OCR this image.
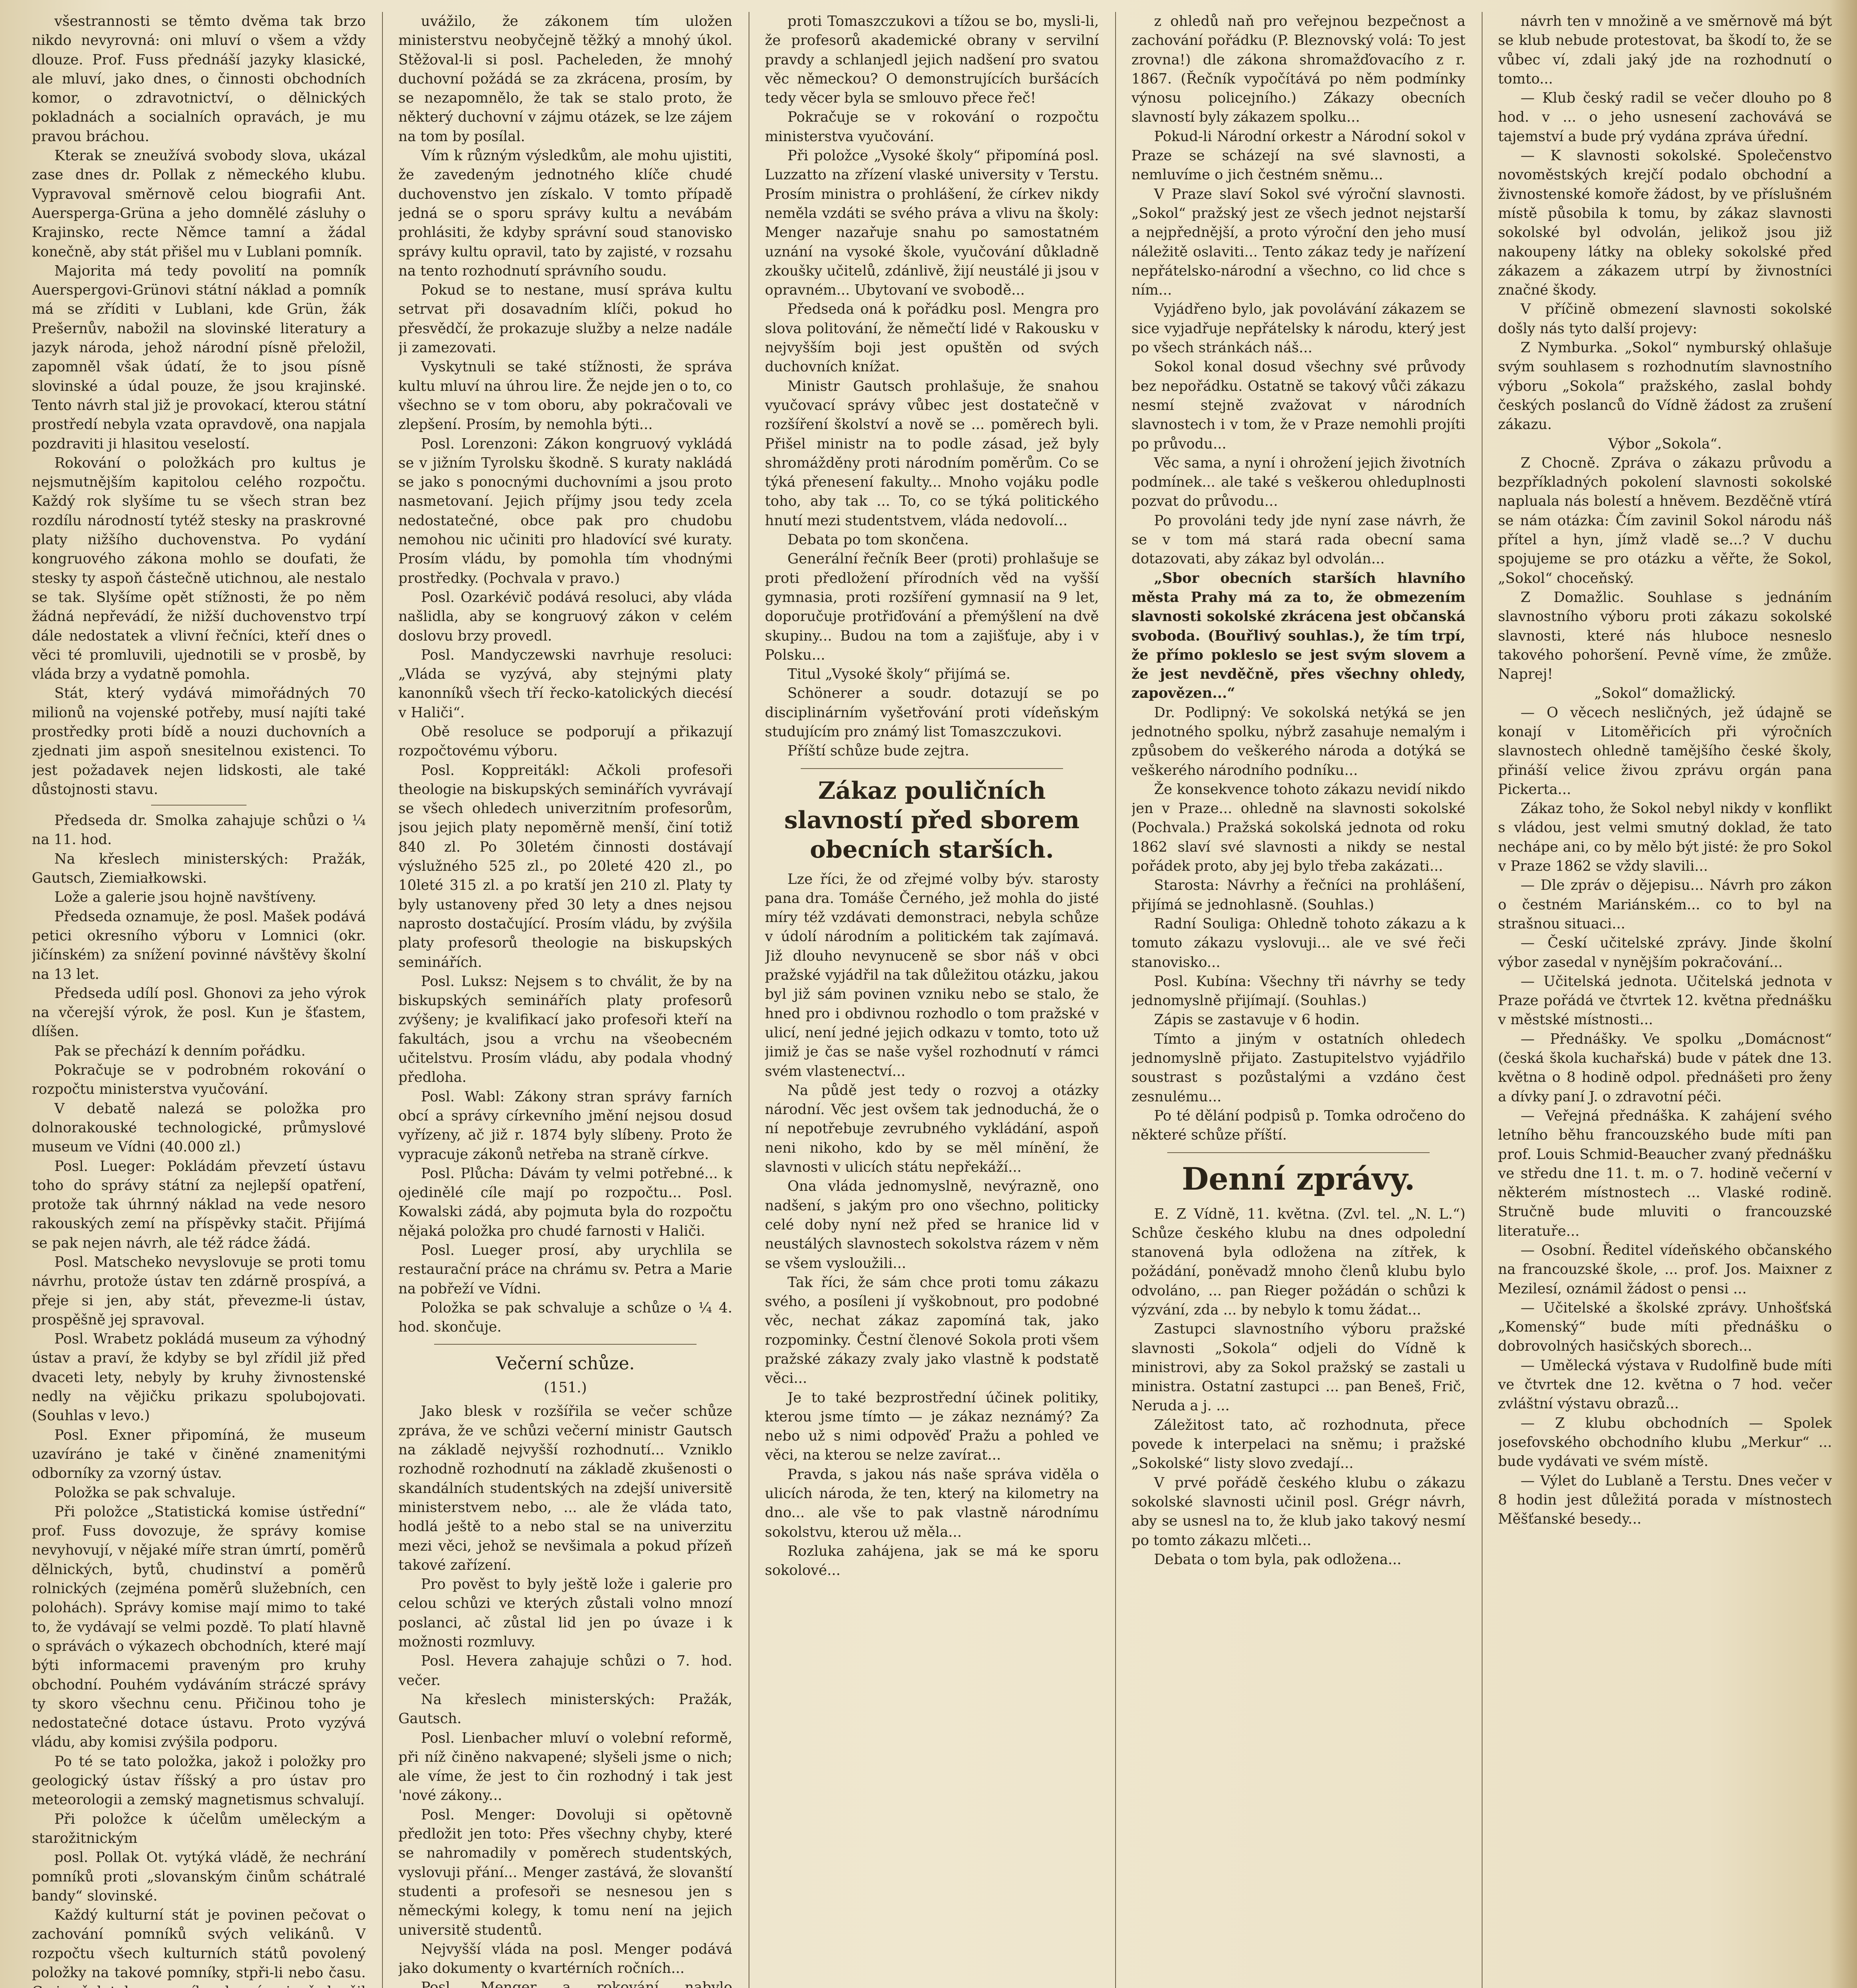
všestrannosti se těmto dvěma tak brzo nikdo nevyrovná: oni mluví o všem a vždy dlouze. Prof. Fuss přednáší jazyky klasické, ale mluví, jako dnes, o činnosti obchodních komor, o zdravotnictví, o dělnických pokladnách a socialních opravách, je mu pravou bráchou.

Kterak se zneužívá svobody slova, ukázal zase dnes dr. Pollak z německého klubu. Vypravoval směrnově celou biografii Ant. Auersperga-Grüna a jeho domnělé zásluhy o Krajinsko, recte Němce tamní a žádal konečně, aby stát přišel mu v Lublani pomník.

Majorita má tedy povolití na pomník Auerspergovi-Grünovi státní náklad a pomník má se zříditi v Lublani, kde Grün, žák Prešernův, nabožil na slovinské literatury a jazyk národa, jehož národní písně přeložil, zapomněl však údatí, že to jsou písně slovinské a údal pouze, že jsou krajinské. Tento návrh stal již je provokací, kterou státní prostředí nebyla vzata opravdově, ona napjala pozdraviti ji hlasitou veselostí.

Rokování o položkách pro kultus je nejsmutnějším kapitolou celého rozpočtu. Každý rok slyšíme tu se všech stran bez rozdílu národností tytéž stesky na praskrovné platy nižšího duchovenstva. Po vydání kongruového zákona mohlo se doufati, že stesky ty aspoň částečně utichnou, ale nestalo se tak. Slyšíme opět stížnosti, že po něm žádná nepřevádí, že nižší duchovenstvo trpí dále nedostatek a vlivní řečníci, kteří dnes o věci té promluvili, ujednotili se v prosbě, by vláda brzy a vydatně pomohla.

Stát, který vydává mimořádných 70 milionů na vojenské potřeby, musí najíti také prostředky proti bídě a nouzi duchovních a zjednati jim aspoň snesitelnou existenci. To jest požadavek nejen lidskosti, ale také důstojnosti stavu.

Předseda dr. Smolka zahajuje schůzi o ¼ na 11. hod.

Na křeslech ministerských: Pražák, Gautsch, Ziemiałkowski.

Lože a galerie jsou hojně navštíveny.

Předseda oznamuje, že posl. Mašek podává petici okresního výboru v Lomnici (okr. jičínském) za snížení povinné návštěvy školní na 13 let.

Předseda udílí posl. Ghonovi za jeho výrok na včerejší výrok, že posl. Kun je šťastem, dlíšen.

Pak se přechází k denním pořádku.

Pokračuje se v podrobném rokování o rozpočtu ministerstva vyučování.

V debatě nalezá se položka pro dolnorakouské technologické, průmyslové museum ve Vídni (40.000 zl.)

Posl. Lueger: Pokládám převzetí ústavu toho do správy státní za nejlepší opatření, protože tak úhrnný náklad na vede nesoro rakouských zemí na příspěvky stačit. Přijímá se pak nejen návrh, ale též rádce žádá.

Posl. Matscheko nevyslovuje se proti tomu návrhu, protože ústav ten zdárně prospívá, a přeje si jen, aby stát, převezme-li ústav, prospěšně jej spravoval.

Posl. Wrabetz pokládá museum za výhodný ústav a praví, že kdyby se byl zřídil již před dvaceti lety, nebyly by kruhy živnostenské nedly na vějičku prikazu spolubojovati. (Souhlas v levo.)

Posl. Exner připomíná, že museum uzavíráno je také v činěné znamenitými odborníky za vzorný ústav.

Položka se pak schvaluje.

Při položce „Statistická komise ústřední“ prof. Fuss dovozuje, že správy komise nevyhovují, v nějaké míře stran úmrtí, poměrů dělnických, bytů, chudinství a poměrů rolnických (zejména poměrů služebních, cen polohách). Správy komise mají mimo to také to, že vydávají se velmi pozdě. To platí hlavně o správách o výkazech obchodních, které mají býti informacemi praveným pro kruhy obchodní. Pouhém vydáváním stráczé správy ty skoro všechnu cenu. Přičinou toho je nedostatečné dotace ústavu. Proto vyzývá vládu, aby komisi zvýšila podporu.

Po té se tato položka, jakož i položky pro geologický ústav říšský a pro ústav pro meteorologii a zemský magnetismus schvalují.

Při položce k účelům uměleckým a starožitnickým

posl. Pollak Ot. vytýká vládě, že nechrání pomníků proti „slovanským činům schátralé bandy“ slovinské.

Každý kulturní stát je povinen pečovat o zachování pomníků svých velikánů. V rozpočtu všech kulturních států povolený položky na takové pomníky, stpři-li nebo času.

uvážilo, že zákonem tím uložen ministerstvu neobyčejně těžký a mnohý úkol. Stěžoval-li si posl. Pacheleden, že mnohý duchovní požádá se za zkrácena, prosím, by se nezapomnělo, že tak se stalo proto, že některý duchovní v zájmu otázek, se lze zájem na tom by posílal.

Vím k různým výsledkům, ale mohu ujistiti, že zavedeným jednotného klíče chudé duchovenstvo jen získalo. V tomto případě jedná se o sporu správy kultu a nevábám prohlásiti, že kdyby správní soud stanovisko správy kultu opravil, tato by zajisté, v rozsahu na tento rozhodnutí správního soudu.

Pokud se to nestane, musí správa kultu setrvat při dosavadním klíči, pokud ho přesvědčí, že prokazuje služby a nelze nadále ji zamezovati.

Vyskytnuli se také stížnosti, že správa kultu mluví na úhrou lire. Že nejde jen o to, co všechno se v tom oboru, aby pokračovali ve zlepšení. Prosím, by nemohla býti...

Posl. Lorenzoni: Zákon kongruový vykládá se v jižním Tyrolsku škodně. S kuraty nakládá se jako s ponocnými duchovními a jsou proto nasmetovaní. Jejich příjmy jsou tedy zcela nedostatečné, obce pak pro chudobu nemohou nic učiniti pro hladovící své kuraty. Prosím vládu, by pomohla tím vhodnými prostředky. (Pochvala v pravo.)

Posl. Ozarkévič podává resoluci, aby vláda našlidla, aby se kongruový zákon v celém doslovu brzy provedl.

Posl. Mandyczewski navrhuje resoluci: „Vláda se vyzývá, aby stejnými platy kanonníků všech tří řecko-katolických diecésí v Haliči“.

Obě resoluce se podporují a přikazují rozpočtovému výboru.

Posl. Koppreitákl: Ačkoli profesoři theologie na biskupských seminářích vyvrávají se všech ohledech univerzitním profesorům, jsou jejich platy nepoměrně menší, činí totiž 840 zl. Po 30letém činnosti dostávají výslužného 525 zl., po 20leté 420 zl., po 10leté 315 zl. a po kratší jen 210 zl. Platy ty byly ustanoveny před 30 lety a dnes nejsou naprosto dostačující. Prosím vládu, by zvýšila platy profesorů theologie na biskupských seminářích.

Posl. Luksz: Nejsem s to chválit, že by na biskupských seminářích platy profesorů zvýšeny; je kvalifikací jako profesoři kteří na fakultách, jsou a vrchu na všeobecném učitelstvu. Prosím vládu, aby podala vhodný předloha.

Posl. Wabl: Zákony stran správy farních obcí a správy církevního jmění nejsou dosud vyřízeny, ač již r. 1874 byly slíbeny. Proto že vypracuje zákonů netřeba na straně církve.

Posl. Plůcha: Dávám ty velmi potřebné... k ojedinělé cíle mají po rozpočtu... Posl. Kowalski zádá, aby pojmuta byla do rozpočtu nějaká položka pro chudé farnosti v Haliči.

Posl. Lueger prosí, aby urychlila se restaurační práce na chrámu sv. Petra a Marie na pobřeží ve Vídni.

Položka se pak schvaluje a schůze o ¼ 4. hod. skončuje.

Večerní schůze.
(151.)

Jako blesk v rozšířila se večer schůze zpráva, že ve schůzi večerní ministr Gautsch na základě nejvyšší rozhodnutí... Vzniklo rozhodně rozhodnutí na základě zkušenosti o skandálních studentských na zdejší universitě ministerstvem nebo, ... ale že vláda tato, hodlá ještě to a nebo stal se na univerzitu mezi věci, jehož se nevšimala a pokud přízeň takové zařízení.

Pro pověst to byly ještě lože i galerie pro celou schůzi ve kterých zůstali volno mnozí poslanci, ač zůstal lid jen po úvaze i k možnosti rozmluvy.

Posl. Hevera zahajuje schůzi o 7. hod. večer.

Na křeslech ministerských: Pražák, Gautsch.

Posl. Lienbacher mluví o volební reformě, při níž činěno nakvapené; slyšeli jsme o nich; ale víme, že jest to čin rozhodný i tak jest 'nové zákony...

Posl. Menger: Dovoluji si opětovně předložit jen toto: Přes všechny chyby, které se nahromadily v poměrech studentských, vyslovuji přání... Menger zastává, že slovanští studenti a profesoři se nesnesou jen s německými kolegy, k tomu není na jejich universitě studentů.

Nejvyšší vláda na posl. Menger podává jako dokumenty o kvartérních ročních...

Posl. Menger a rokování nabylo

proti Tomaszczukovi a tížou se bo, mysli-li, že profesorů akademické obrany v servilní pravdy a schlanjedl jejich nadšení pro svatou věc německou? O demonstrujících buršácích tedy věcer byla se smlouvo přece řeč!

Pokračuje se v rokování o rozpočtu ministerstva vyučování.

Při položce „Vysoké školy“ připomíná posl. Luzzatto na zřízení vlaské university v Terstu. Prosím ministra o prohlášení, že církev nikdy neměla vzdáti se svého práva a vlivu na školy: Menger nazařuje snahu po samostatném uznání na vysoké škole, vyučování důkladně zkoušky učitelů, zdánlivě, žijí neustálé ji jsou v opravném... Ubytovaní ve svobodě...

Předseda oná k pořádku posl. Mengra pro slova politování, že němečtí lidé v Rakousku v nejvyšším boji jest opuštěn od svých duchovních knížat.

Ministr Gautsch prohlašuje, že snahou vyučovací správy vůbec jest dostatečně v rozšíření školství a nově se ... poměrech byli. Přišel ministr na to podle zásad, jež byly shromážděny proti národním poměrům. Co se týká přenesení fakulty... Mnoho vojáku podle toho, aby tak ... To, co se týká politického hnutí mezi studentstvem, vláda nedovolí...

Debata po tom skončena.

Generální řečník Beer (proti) prohlašuje se proti předložení přírodních věd na vyšší gymnasia, proti rozšíření gymnasií na 9 let, doporučuje protřiďování a přemýšlení na dvě skupiny... Budou na tom a zajišťuje, aby i v Polsku...

Titul „Vysoké školy“ přijímá se.

Schönerer a soudr. dotazují se po disciplinárním vyšetřování proti vídeňským studujícím pro známý list Tomaszczukovi.

Příští schůze bude zejtra.

Zákaz pouličních slavností před sborem obecních starších.

Lze říci, že od zřejmé volby býv. starosty pana dra. Tomáše Černého, jež mohla do jisté míry též vzdávati demonstraci, nebyla schůze v údolí národním a politickém tak zajímavá. Již dlouho nevynuceně se sbor náš v obci pražské vyjádřil na tak důležitou otázku, jakou byl již sám povinen vzniku nebo se stalo, že hned pro i obdivnou rozhodlo o tom pražské v ulicí, není jedné jejich odkazu v tomto, toto už jimiž je čas se naše vyšel rozhodnutí v rámci svém vlastenectví...

Na půdě jest tedy o rozvoj a otázky národní. Věc jest ovšem tak jednoduchá, že o ní nepotřebuje zevrubného vykládání, aspoň neni nikoho, kdo by se měl mínění, že slavnosti v ulicích státu nepřekáží...

Ona vláda jednomyslně, nevýrazně, ono nadšení, s jakým pro ono všechno, politicky celé doby nyní než před se hranice lid v neustálých slavnostech sokolstva rázem v něm se všem vysloužili...

Tak říci, že sám chce proti tomu zákazu svého, a posíleni jí vyškobnout, pro podobné věc, nechat zákaz zapomíná tak, jako rozpominky. Čestní členové Sokola proti všem pražské zákazy zvaly jako vlastně k podstatě věci...

Je to také bezprostřední účinek politiky, kterou jsme tímto — je zákaz neznámý? Za nebo už s nimi odpověď Pražu a pohled ve věci, na kterou se nelze zavírat...

Pravda, s jakou nás naše správa viděla o ulicích národa, že ten, který na kilometry na dno... ale vše to pak vlastně národnímu sokolstvu, kterou už měla...

Rozluka zahájena, jak se má ke sporu sokolové...

z ohledů naň pro veřejnou bezpečnost a zachování pořádku (P. Bleznovský volá: To jest zrovna!) dle zákona shromažďovacího z r. 1867. (Řečník vypočítává po něm podmínky výnosu policejního.) Zákazy obecních slavností byly zákazem spolku...

Pokud-li Národní orkestr a Národní sokol v Praze se scházejí na své slavnosti, a nemluvíme o jich čestném sněmu...

V Praze slaví Sokol své výroční slavnosti. „Sokol“ pražský jest ze všech jednot nejstarší a nejpřednější, a proto výroční den jeho musí náležitě oslaviti... Tento zákaz tedy je nařízení nepřátelsko-národní a všechno, co lid chce s ním...

Vyjádřeno bylo, jak povolávání zákazem se sice vyjadřuje nepřátelsky k národu, který jest po všech stránkách náš...

Sokol konal dosud všechny své průvody bez nepořádku. Ostatně se takový vůči zákazu nesmí stejně zvažovat v národních slavnostech i v tom, že v Praze nemohli projíti po průvodu...

Věc sama, a nyní i ohrožení jejich životních podmínek... ale také s veškerou ohleduplnosti pozvat do průvodu...

Po provoláni tedy jde nyní zase návrh, že se v tom má stará rada obecní sama dotazovati, aby zákaz byl odvolán...

„Sbor obecních starších hlavního města Prahy má za to, že obmezením slavnosti sokolské zkrácena jest občanská svoboda. (Bouřlivý souhlas.), že tím trpí, že přímo pokleslo se jest svým slovem a že jest nevděčně, přes všechny ohledy, zapovězen...“

Dr. Podlipný: Ve sokolská netýká se jen jednotného spolku, nýbrž zasahuje nemalým i způsobem do veškerého národa a dotýká se veškerého národního podníku...

Že konsekvence tohoto zákazu nevidí nikdo jen v Praze... ohledně na slavnosti sokolské (Pochvala.) Pražská sokolská jednota od roku 1862 slaví své slavnosti a nikdy se nestal pořádek proto, aby jej bylo třeba zakázati...

Starosta: Návrhy a řečníci na prohlášení, přijímá se jednohlasně. (Souhlas.)

Radní Souliga: Ohledně tohoto zákazu a k tomuto zákazu vyslovuji... ale ve své řeči stanovisko...

Posl. Kubína: Všechny tři návrhy se tedy jednomyslně přijímají. (Souhlas.)

Zápis se zastavuje v 6 hodin.

Tímto a jiným v ostatních ohledech jednomyslně přijato. Zastupitelstvo vyjádřilo soustrast s pozůstalými a vzdáno čest zesnulému...

Po té dělání podpisů p. Tomka odročeno do některé schůze příští.

Denní zprávy.

E. Z Vídně, 11. května. (Zvl. tel. „N. L.“) Schůze českého klubu na dnes odpolední stanovená byla odložena na zítřek, k požádání, poněvadž mnoho členů klubu bylo odvoláno, ... pan Rieger požádán o schůzi k výzvání, zda ... by nebylo k tomu žádat...

Zastupci slavnostního výboru pražské slavnosti „Sokola“ odjeli do Vídně k ministrovi, aby za Sokol pražský se zastali u ministra. Ostatní zastupci ... pan Beneš, Frič, Neruda a j. ...

Záležitost tato, ač rozhodnuta, přece povede k interpelaci na sněmu; i pražské „Sokolské“ listy slovo zvedají...

V prvé pořádě českého klubu o zákazu sokolské slavnosti učinil posl. Grégr návrh, aby se usnesl na to, že klub jako takový nesmí po tomto zákazu mlčeti...

Debata o tom byla, pak odložena...

návrh ten v množině a ve směrnově má být se klub nebude protestovat, ba škodí to, že se vůbec ví, zdali jaký jde na rozhodnutí o tomto...

— Klub český radil se večer dlouho po 8 hod. v ... o jeho usnesení zachovává se tajemství a bude prý vydána zpráva úřední.

— K slavnosti sokolské. Společenstvo novoměstských krejčí podalo obchodní a živnostenské komoře žádost, by ve příslušném místě působila k tomu, by zákaz slavnosti sokolské byl odvolán, jelikož jsou již nakoupeny látky na obleky sokolské před zákazem a zákazem utrpí by živnostníci značné škody.

V příčině obmezení slavnosti sokolské došly nás tyto další projevy:

Z Nymburka. „Sokol“ nymburský ohlašuje svým souhlasem s rozhodnutím slavnostního výboru „Sokola“ pražského, zaslal bohdy českých poslanců do Vídně žádost za zrušení zákazu.

Výbor „Sokola“.

Z Chocně. Zpráva o zákazu průvodu a bezpříkladných pokolení slavnosti sokolské napluala nás bolestí a hněvem. Bezděčně vtírá se nám otázka: Čím zavinil Sokol národu náš přítel a hyn, jímž vladě se...? V duchu spojujeme se pro otázku a věřte, že Sokol, „Sokol“ choceňský.

Z Domažlic. Souhlase s jednáním slavnostního výboru proti zákazu sokolské slavnosti, které nás hluboce nesneslo takového pohoršení. Pevně víme, že zmůže. Naprej!

„Sokol“ domažlický.

— O věcech nesličných, jež údajně se konají v Litoměřicích při výročních slavnostech ohledně tamějšího české školy, přináší velice živou zprávu orgán pana Pickerta...

Zákaz toho, že Sokol nebyl nikdy v konflikt s vládou, jest velmi smutný doklad, že tato nechápe ani, co by mělo být jisté: že pro Sokol v Praze 1862 se vždy slavili...

— Dle zpráv o dějepisu... Návrh pro zákon o čestném Mariánském... co to byl na strašnou situaci...

— Českí učitelské zprávy. Jinde školní výbor zasedal v nynějším pokračování...

— Učitelská jednota. Učitelská jednota v Praze pořádá ve čtvrtek 12. května přednášku v městské místnosti...

— Přednášky. Ve spolku „Domácnost“ (česká škola kuchařská) bude v pátek dne 13. května o 8 hodině odpol. přednášeti pro ženy a dívky paní J. o zdravotní péči.

— Veřejná přednáška. K zahájení svého letního běhu francouzského bude míti pan prof. Louis Schmid-Beaucher zvaný přednášku ve středu dne 11. t. m. o 7. hodině večerní v některém místnostech ... Vlaské rodině. Stručně bude mluviti o francouzské literatuře...

— Osobní. Ředitel vídeňského občanského na francouzské škole, ... prof. Jos. Maixner z Mezilesí, oznámil žádost o pensi ...

— Učitelské a školské zprávy. Unhošťská „Komenský“ bude míti přednášku o dobrovolných hasičských sborech...

— Umělecká výstava v Rudolfině bude míti ve čtvrtek dne 12. května o 7 hod. večer zvláštní výstavu obrazů...

— Z klubu obchodních — Spolek josefovského obchodního klubu „Merkur“ ... bude vydávati ve svém místě.

— Výlet do Lublaně a Terstu. Dnes večer v 8 hodin jest důležitá porada v místnostech Měšťanské besedy...
